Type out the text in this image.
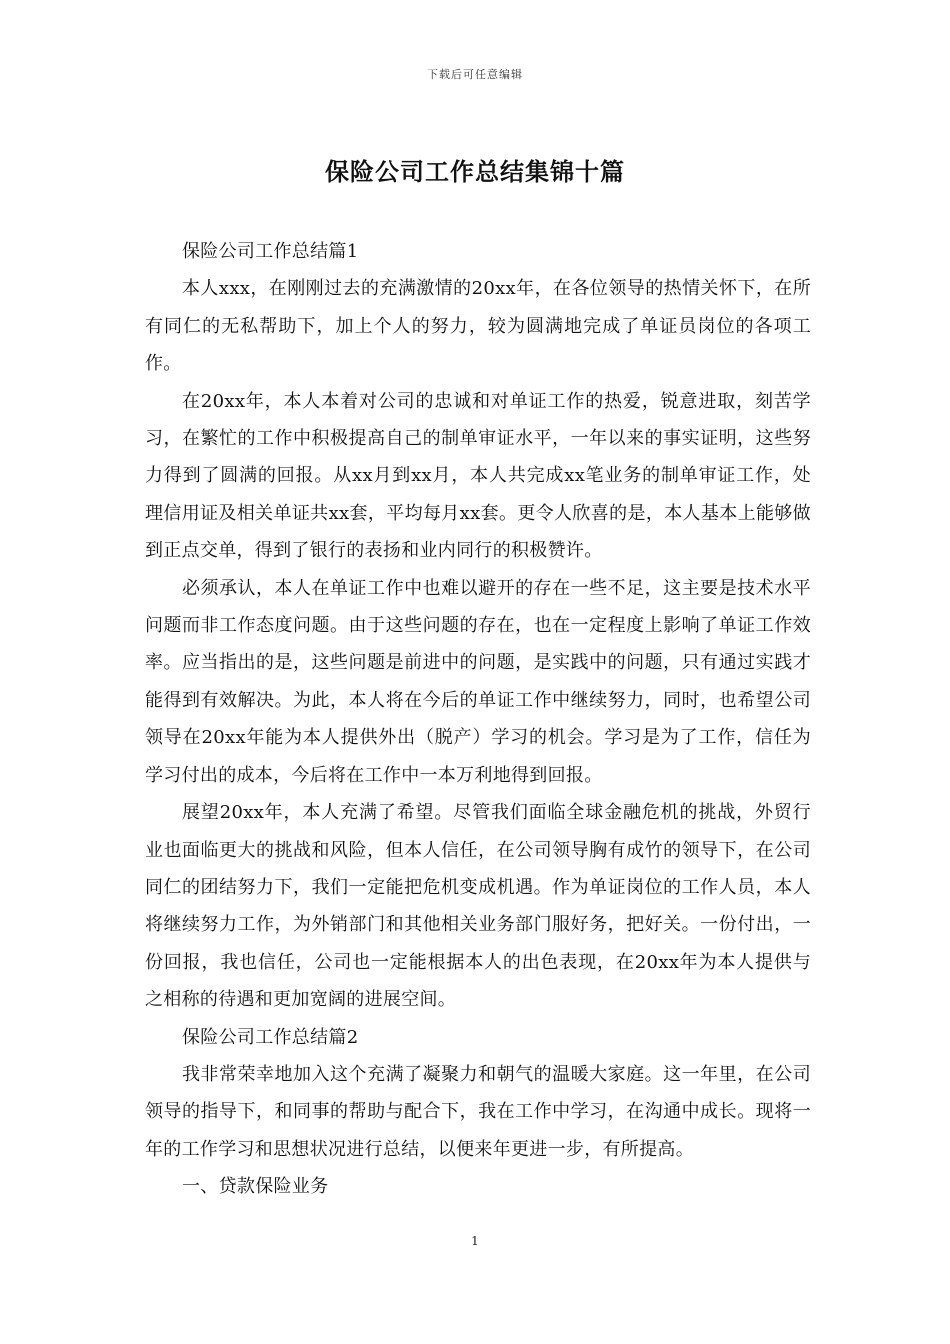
下载后可任意编辑
保险公司工作总结集锦十篇

保险公司工作总结篇1

本人xxx，在刚刚过去的充满激情的20xx年，在各位领导的热情关怀下，在所有同仁的无私帮助下，加上个人的努力，较为圆满地完成了单证员岗位的各项工作。

在20xx年，本人本着对公司的忠诚和对单证工作的热爱，锐意进取，刻苦学习，在繁忙的工作中积极提高自己的制单审证水平，一年以来的事实证明，这些努力得到了圆满的回报。从xx月到xx月，本人共完成xx笔业务的制单审证工作，处理信用证及相关单证共xx套，平均每月xx套。更令人欣喜的是，本人基本上能够做到正点交单，得到了银行的表扬和业内同行的积极赞许。

必须承认，本人在单证工作中也难以避开的存在一些不足，这主要是技术水平问题而非工作态度问题。由于这些问题的存在，也在一定程度上影响了单证工作效率。应当指出的是，这些问题是前进中的问题，是实践中的问题，只有通过实践才能得到有效解决。为此，本人将在今后的单证工作中继续努力，同时，也希望公司领导在20xx年能为本人提供外出（脱产）学习的机会。学习是为了工作，信任为学习付出的成本，今后将在工作中一本万利地得到回报。

展望20xx年，本人充满了希望。尽管我们面临全球金融危机的挑战，外贸行业也面临更大的挑战和风险，但本人信任，在公司领导胸有成竹的领导下，在公司同仁的团结努力下，我们一定能把危机变成机遇。作为单证岗位的工作人员，本人将继续努力工作，为外销部门和其他相关业务部门服好务，把好关。一份付出，一份回报，我也信任，公司也一定能根据本人的出色表现，在20xx年为本人提供与之相称的待遇和更加宽阔的进展空间。

保险公司工作总结篇2

我非常荣幸地加入这个充满了凝聚力和朝气的温暖大家庭。这一年里，在公司领导的指导下，和同事的帮助与配合下，我在工作中学习，在沟通中成长。现将一年的工作学习和思想状况进行总结，以便来年更进一步，有所提高。

一、贷款保险业务

1
